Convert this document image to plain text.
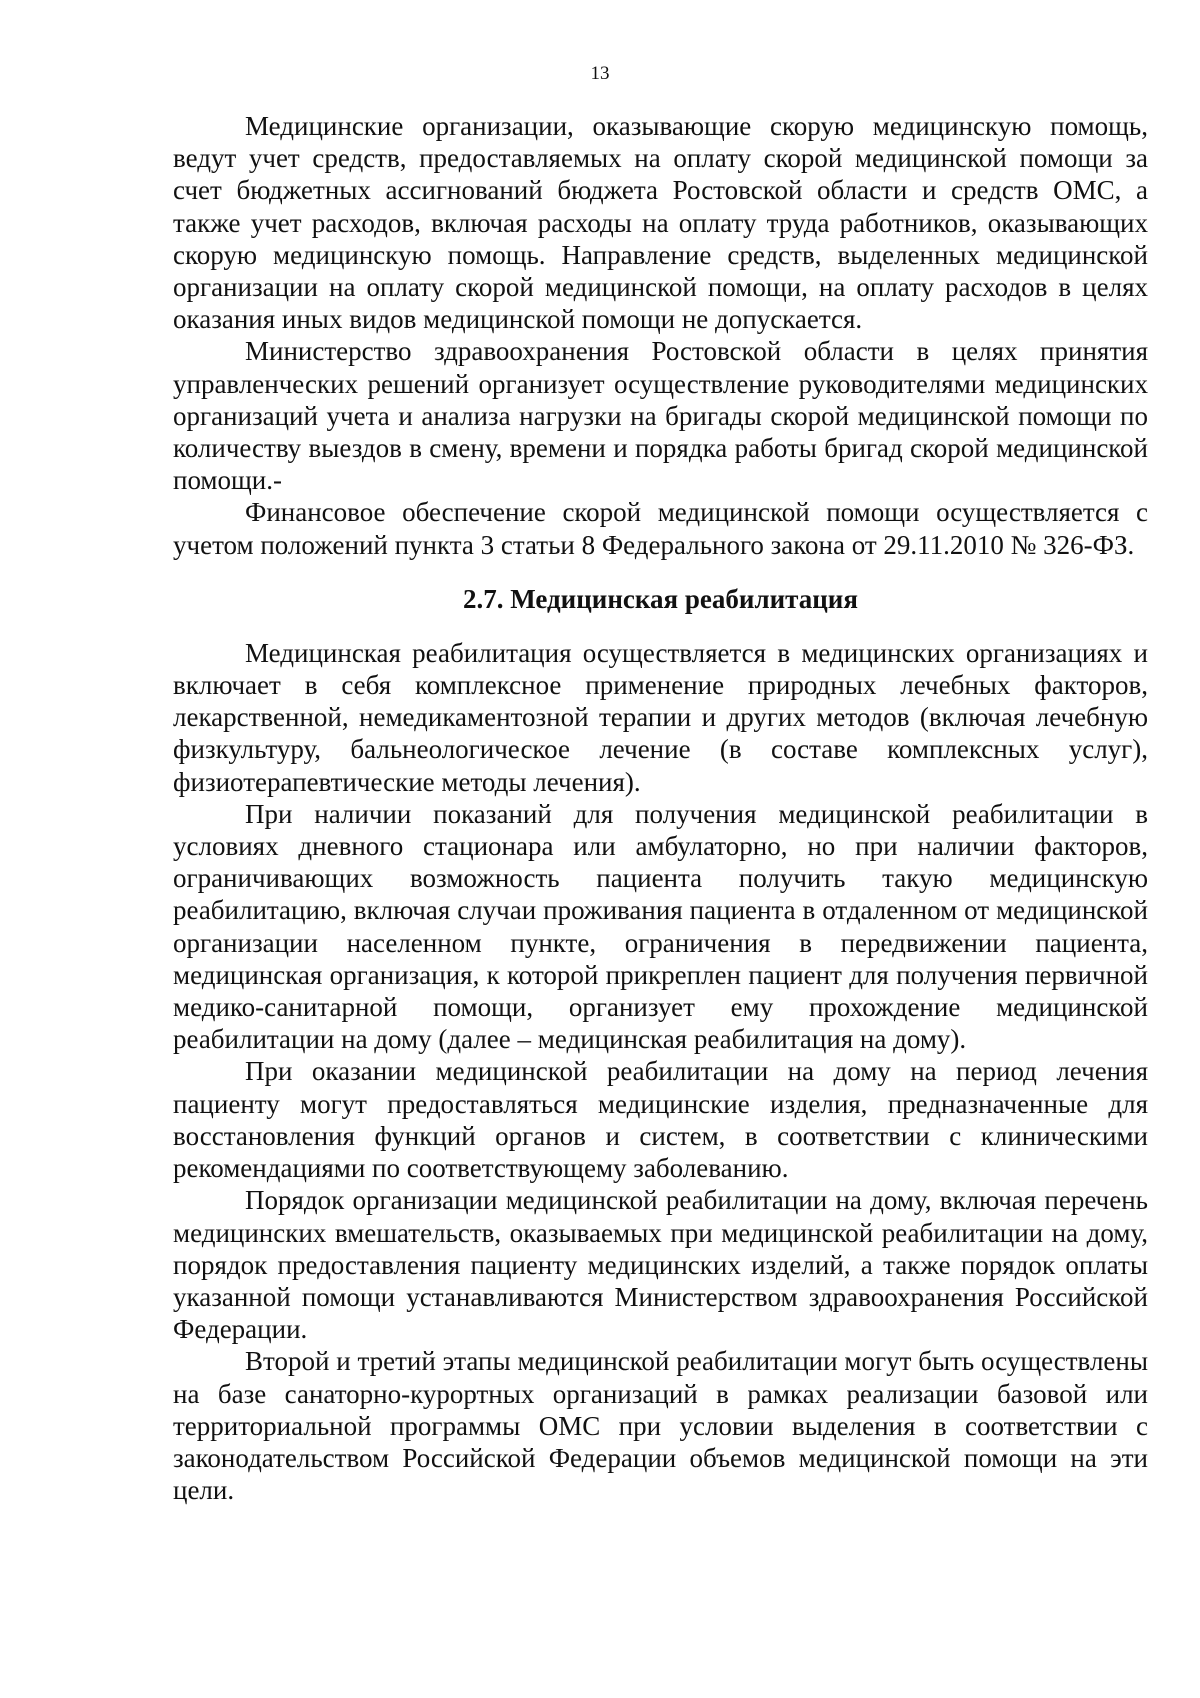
13

Медицинские организации, оказывающие скорую медицинскую помощь, ведут учет средств, предоставляемых на оплату скорой медицинской помощи за счет бюджетных ассигнований бюджета Ростовской области и средств ОМС, а также учет расходов, включая расходы на оплату труда работников, оказывающих скорую медицинскую помощь. Направление средств, выделенных медицинской организации на оплату скорой медицинской помощи, на оплату расходов в целях оказания иных видов медицинской помощи не допускается.

Министерство здравоохранения Ростовской области в целях принятия управленческих решений организует осуществление руководителями медицинских организаций учета и анализа нагрузки на бригады скорой медицинской помощи по количеству выездов в смену, времени и порядка работы бригад скорой медицинской помощи.-

Финансовое обеспечение скорой медицинской помощи осуществляется с учетом положений пункта 3 статьи 8 Федерального закона от 29.11.2010 № 326-ФЗ.

2.7. Медицинская реабилитация

Медицинская реабилитация осуществляется в медицинских организациях и включает в себя комплексное применение природных лечебных факторов, лекарственной, немедикаментозной терапии и других методов (включая лечебную физкультуру, бальнеологическое лечение (в составе комплексных услуг), физиотерапевтические методы лечения).

При наличии показаний для получения медицинской реабилитации в условиях дневного стационара или амбулаторно, но при наличии факторов, ограничивающих возможность пациента получить такую медицинскую реабилитацию, включая случаи проживания пациента в отдаленном от медицинской организации населенном пункте, ограничения в передвижении пациента, медицинская организация, к которой прикреплен пациент для получения первичной медико-санитарной помощи, организует ему прохождение медицинской реабилитации на дому (далее – медицинская реабилитация на дому).

При оказании медицинской реабилитации на дому на период лечения пациенту могут предоставляться медицинские изделия, предназначенные для восстановления функций органов и систем, в соответствии с клиническими рекомендациями по соответствующему заболеванию.

Порядок организации медицинской реабилитации на дому, включая перечень медицинских вмешательств, оказываемых при медицинской реабилитации на дому, порядок предоставления пациенту медицинских изделий, а также порядок оплаты указанной помощи устанавливаются Министерством здравоохранения Российской Федерации.

Второй и третий этапы медицинской реабилитации могут быть осуществлены на базе санаторно-курортных организаций в рамках реализации базовой или территориальной программы ОМС при условии выделения в соответствии с законодательством Российской Федерации объемов медицинской помощи на эти цели.
